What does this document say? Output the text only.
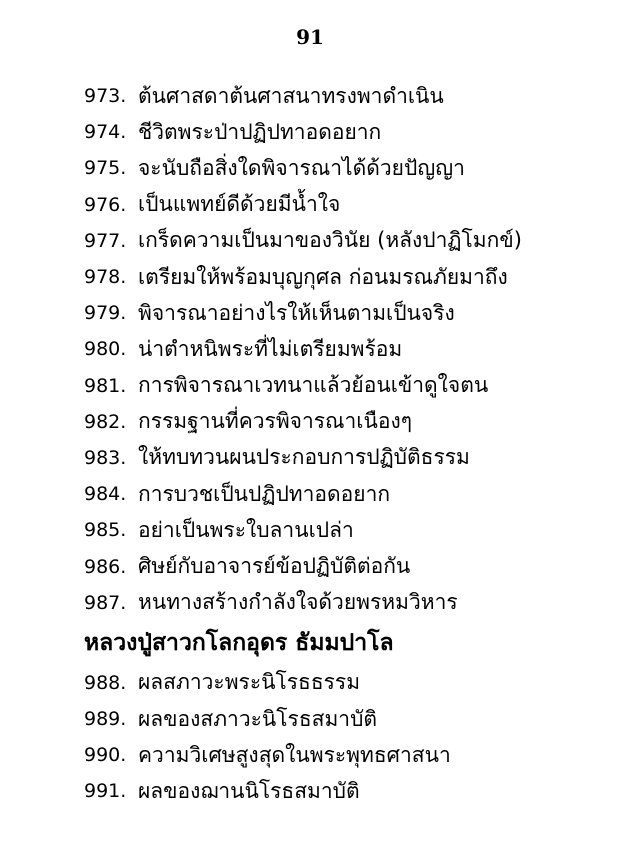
91
973. ต้นศาสดาต้นศาสนาทรงพาดำเนิน
974. ชีวิตพระป่าปฏิปทาอดอยาก
975. จะนับถือสิ่งใดพิจารณาได้ด้วยปัญญา
976. เป็นแพทย์ดีด้วยมีน้ำใจ
977. เกร็ดความเป็นมาของวินัย (หลังปาฏิโมกข์)
978. เตรียมให้พร้อมบุญกุศล ก่อนมรณภัยมาถึง
979. พิจารณาอย่างไรให้เห็นตามเป็นจริง
980. น่าตำหนิพระที่ไม่เตรียมพร้อม
981. การพิจารณาเวทนาแล้วย้อนเข้าดูใจตน
982. กรรมฐานที่ควรพิจารณาเนืองๆ
983. ให้ทบทวนผนประกอบการปฏิบัติธรรม
984. การบวชเป็นปฏิปทาอดอยาก
985. อย่าเป็นพระใบลานเปล่า
986. ศิษย์กับอาจารย์ข้อปฏิบัติต่อกัน
987. หนทางสร้างกำลังใจด้วยพรหมวิหาร
หลวงปู่สาวกโลกอุดร ธัมมปาโล
988. ผลสภาวะพระนิโรธธรรม
989. ผลของสภาวะนิโรธสมาบัติ
990. ความวิเศษสูงสุดในพระพุทธศาสนา
991. ผลของฌานนิโรธสมาบัติ
